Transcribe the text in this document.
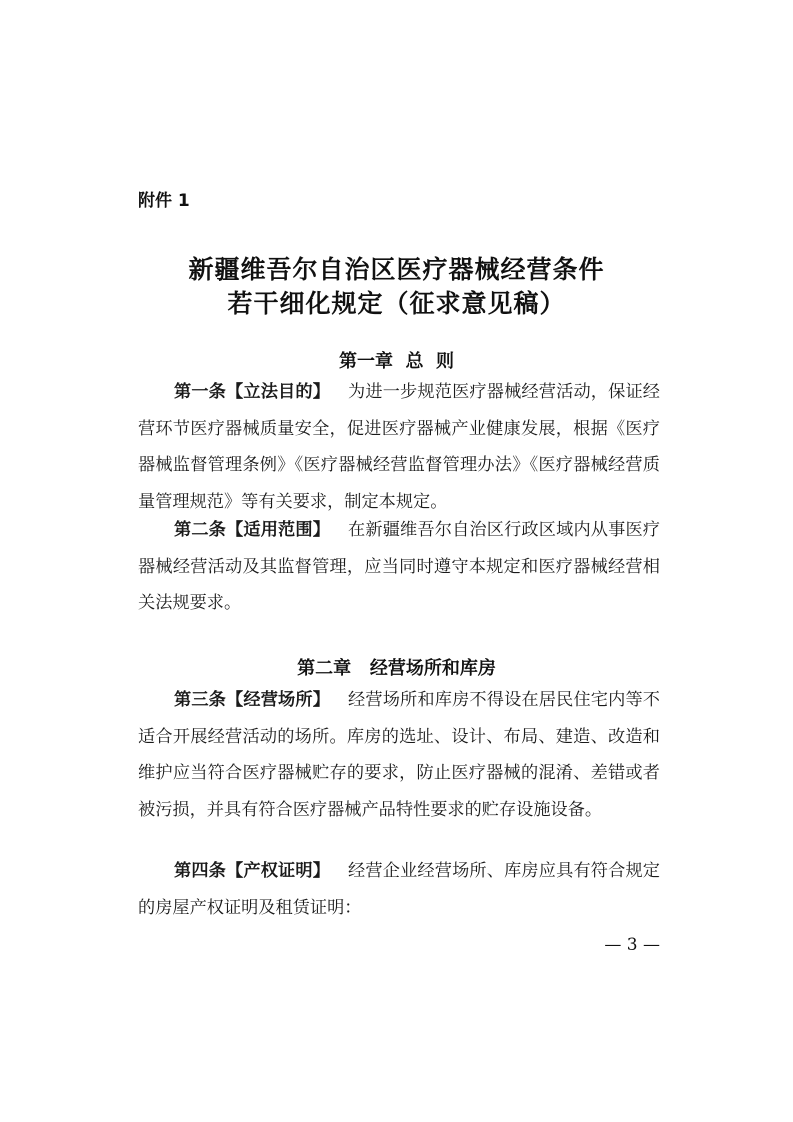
附件 1
新疆维吾尔自治区医疗器械经营条件
若干细化规定（征求意见稿）
第一章  总  则
第一条【立法目的】 为进一步规范医疗器械经营活动，保证经营环节医疗器械质量安全，促进医疗器械产业健康发展，根据《医疗器械监督管理条例》《医疗器械经营监督管理办法》《医疗器械经营质量管理规范》等有关要求，制定本规定。
第二条【适用范围】 在新疆维吾尔自治区行政区域内从事医疗器械经营活动及其监督管理，应当同时遵守本规定和医疗器械经营相关法规要求。
第二章   经营场所和库房
第三条【经营场所】 经营场所和库房不得设在居民住宅内等不适合开展经营活动的场所。库房的选址、设计、布局、建造、改造和维护应当符合医疗器械贮存的要求，防止医疗器械的混淆、差错或者被污损，并具有符合医疗器械产品特性要求的贮存设施设备。
第四条【产权证明】 经营企业经营场所、库房应具有符合规定的房屋产权证明及租赁证明：
— 3 —
